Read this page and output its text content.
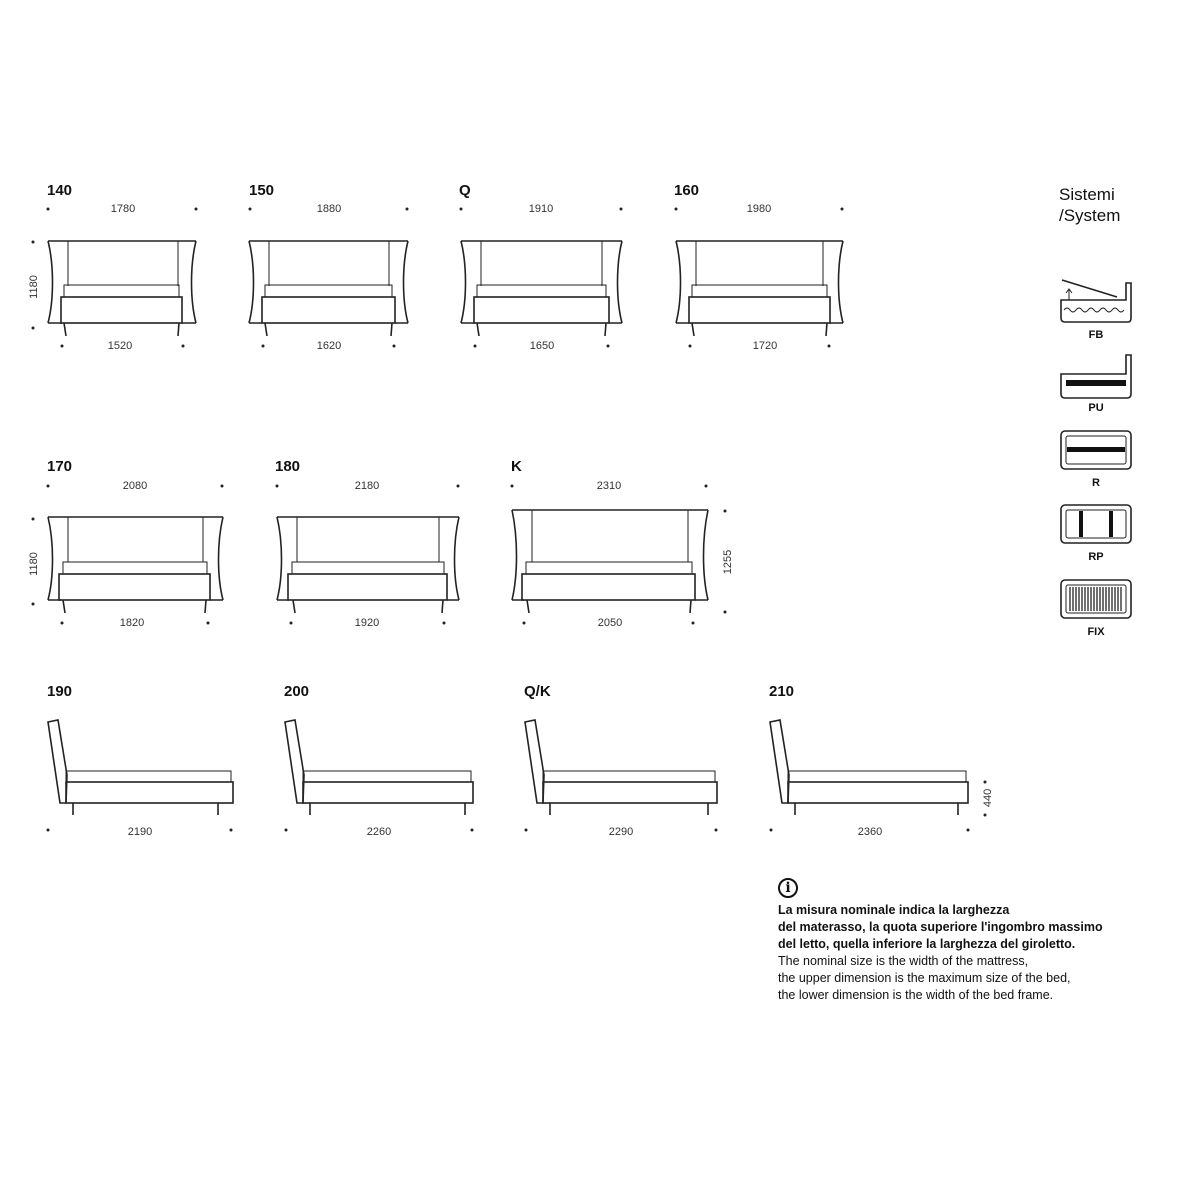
140
1780
1180
1520
150
1880
1620
Q
1910
1650
160
1980
1720
170
2080
1180
1820
180
2180
1920
K
2310
1255
2050
190
2190
200
2260
Q/K
2290
210
2360
440
Sistemi
/System
FB
PU
R
RP
FIX
i

La misura nominale indica la larghezza

del materasso, la quota superiore l'ingombro massimo

del letto, quella inferiore la larghezza del giroletto.

The nominal size is the width of the mattress,

the upper dimension is the maximum size of the bed,

the lower dimension is the width of the bed frame.
